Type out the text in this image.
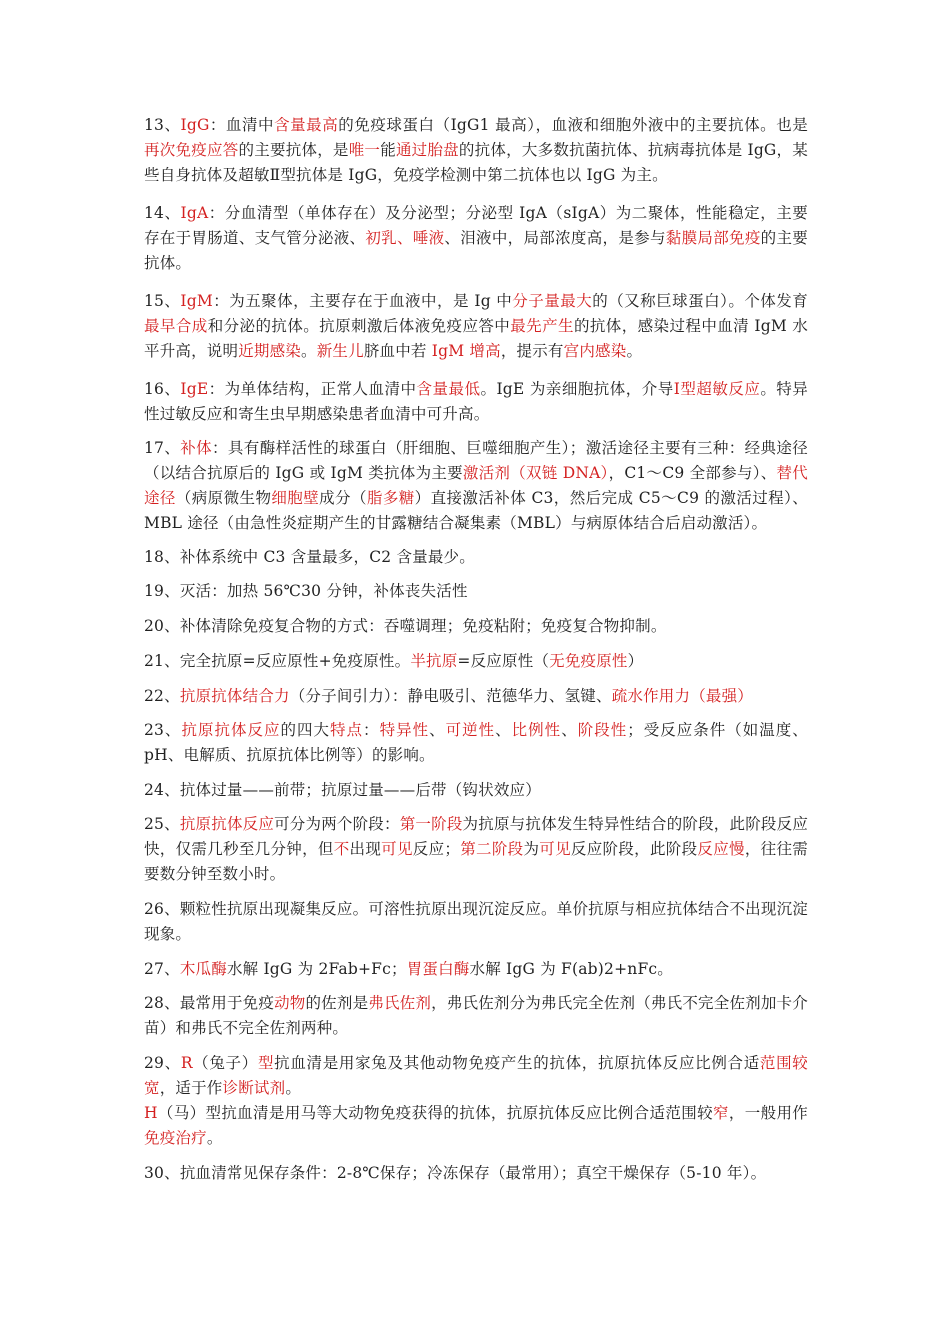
13、IgG：血清中含量最高的免疫球蛋白（IgG1 最高），血液和细胞外液中的主要抗体。也是再次免疫应答的主要抗体，是唯一能通过胎盘的抗体，大多数抗菌抗体、抗病毒抗体是 IgG，某些自身抗体及超敏Ⅱ型抗体是 IgG，免疫学检测中第二抗体也以 IgG 为主。

14、IgA：分血清型（单体存在）及分泌型；分泌型 IgA（sIgA）为二聚体，性能稳定，主要存在于胃肠道、支气管分泌液、初乳、唾液、泪液中，局部浓度高，是参与黏膜局部免疫的主要抗体。

15、IgM：为五聚体，主要存在于血液中，是 Ig 中分子量最大的（又称巨球蛋白）。个体发育最早合成和分泌的抗体。抗原刺激后体液免疫应答中最先产生的抗体，感染过程中血清 IgM 水平升高，说明近期感染。新生儿脐血中若 IgM 增高，提示有宫内感染。

16、IgE：为单体结构，正常人血清中含量最低。IgE 为亲细胞抗体，介导Ⅰ型超敏反应。特异性过敏反应和寄生虫早期感染患者血清中可升高。

17、补体：具有酶样活性的球蛋白（肝细胞、巨噬细胞产生）；激活途径主要有三种：经典途径（以结合抗原后的 IgG 或 IgM 类抗体为主要激活剂（双链 DNA），C1～C9 全部参与）、替代途径（病原微生物细胞壁成分（脂多糖）直接激活补体 C3，然后完成 C5～C9 的激活过程）、MBL 途径（由急性炎症期产生的甘露糖结合凝集素（MBL）与病原体结合后启动激活）。

18、补体系统中 C3 含量最多，C2 含量最少。

19、灭活：加热 56℃30 分钟，补体丧失活性

20、补体清除免疫复合物的方式：吞噬调理；免疫粘附；免疫复合物抑制。

21、完全抗原=反应原性+免疫原性。半抗原=反应原性（无免疫原性）

22、抗原抗体结合力（分子间引力）：静电吸引、范德华力、氢键、疏水作用力（最强）

23、抗原抗体反应的四大特点：特异性、可逆性、比例性、阶段性；受反应条件（如温度、pH、电解质、抗原抗体比例等）的影响。

24、抗体过量——前带；抗原过量——后带（钩状效应）

25、抗原抗体反应可分为两个阶段：第一阶段为抗原与抗体发生特异性结合的阶段，此阶段反应快，仅需几秒至几分钟，但不出现可见反应；第二阶段为可见反应阶段，此阶段反应慢，往往需要数分钟至数小时。

26、颗粒性抗原出现凝集反应。可溶性抗原出现沉淀反应。单价抗原与相应抗体结合不出现沉淀现象。

27、木瓜酶水解 IgG 为 2Fab+Fc；胃蛋白酶水解 IgG 为 F(ab)2+nFc。

28、最常用于免疫动物的佐剂是弗氏佐剂，弗氏佐剂分为弗氏完全佐剂（弗氏不完全佐剂加卡介苗）和弗氏不完全佐剂两种。

29、R（兔子）型抗血清是用家兔及其他动物免疫产生的抗体，抗原抗体反应比例合适范围较宽，适于作诊断试剂。

H（马）型抗血清是用马等大动物免疫获得的抗体，抗原抗体反应比例合适范围较窄，一般用作免疫治疗。

30、抗血清常见保存条件：2-8℃保存；冷冻保存（最常用）；真空干燥保存（5-10 年）。
